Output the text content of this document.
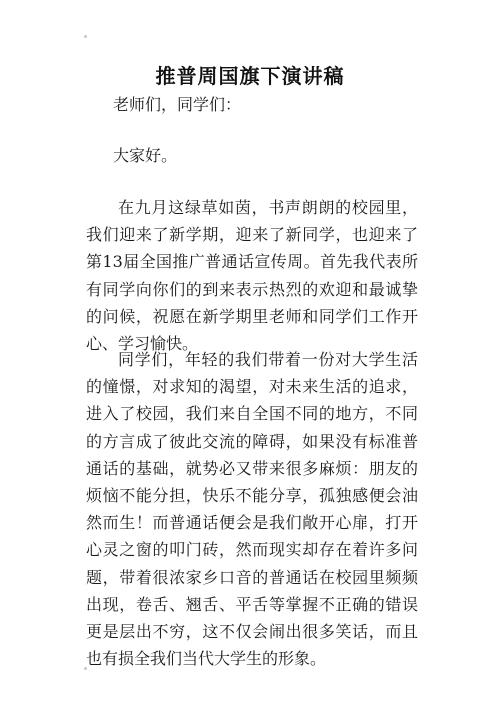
推普周国旗下演讲稿
老师们，同学们：
大家好。

在九月这绿草如茵，书声朗朗的校园里，我们迎来了新学期，迎来了新同学，也迎来了第13届全国推广普通话宣传周。首先我代表所有同学向你们的到来表示热烈的欢迎和最诚挚的问候，祝愿在新学期里老师和同学们工作开心、学习愉快。

同学们，年轻的我们带着一份对大学生活的憧憬，对求知的渴望，对未来生活的追求，进入了校园，我们来自全国不同的地方，不同的方言成了彼此交流的障碍，如果没有标准普通话的基础，就势必又带来很多麻烦：朋友的烦恼不能分担，快乐不能分享，孤独感便会油然而生！而普通话便会是我们敞开心扉，打开心灵之窗的叩门砖，然而现实却存在着许多问题，带着很浓家乡口音的普通话在校园里频频出现，卷舌、翘舌、平舌等掌握不正确的错误更是层出不穷，这不仅会闹出很多笑话，而且也有损全我们当代大学生的形象。
